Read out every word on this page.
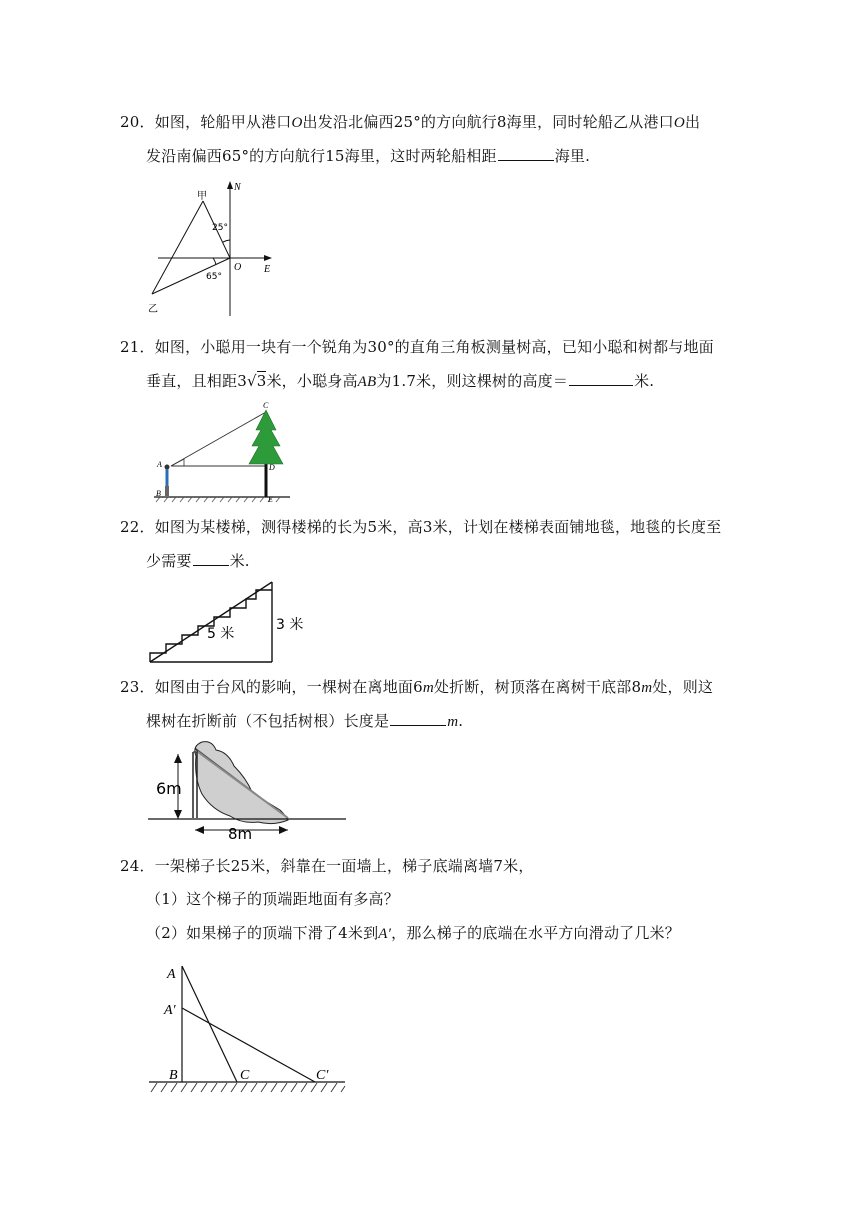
20．如图，轮船甲从港口O出发沿北偏西25°的方向航行8海里，同时轮船乙从港口O出
发沿南偏西65°的方向航行15海里，这时两轮船相距	海里.
甲
乙
N
E
O
25°
65°
21．如图，小聪用一块有一个锐角为30°的直角三角板测量树高，已知小聪和树都与地面
垂直，且相距3√3米，小聪身高AB为1.7米，则这棵树的高度＝	米.
C
D
E
A
B
22．如图为某楼梯，测得楼梯的长为5米，高3米，计划在楼梯表面铺地毯，地毯的长度至
少需要	米.
5 米
3 米
23．如图由于台风的影响，一棵树在离地面6m处折断，树顶落在离树干底部8m处，则这
棵树在折断前（不包括树根）长度是	m.
6m
8m
24．一架梯子长25米，斜靠在一面墙上，梯子底端离墙7米，
（1）这个梯子的顶端距地面有多高？
（2）如果梯子的顶端下滑了4米到A′，那么梯子的底端在水平方向滑动了几米？
A
A′
B	C	C′
